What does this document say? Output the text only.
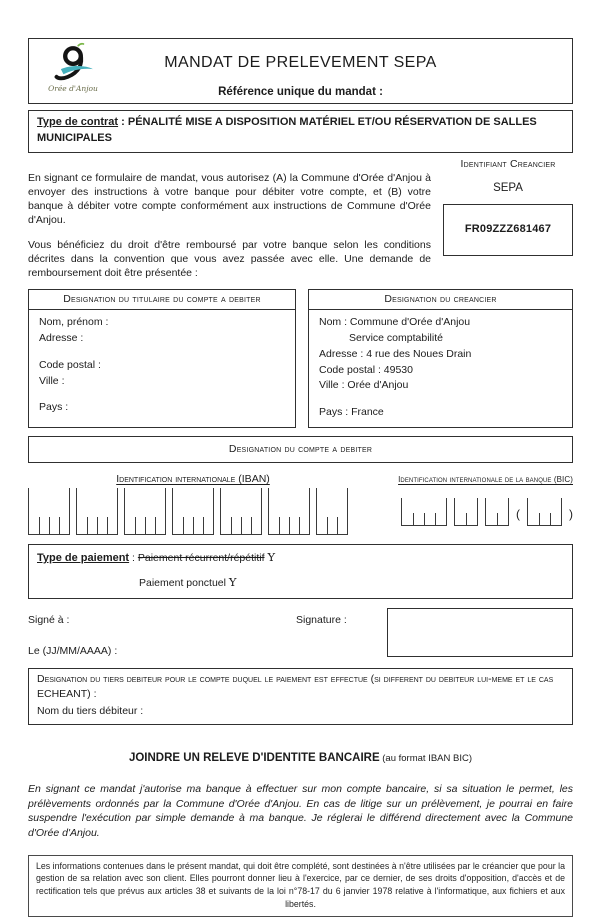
Orée d'Anjou
MANDAT DE PRELEVEMENT SEPA
Référence unique du mandat :
Type de contrat : PÉNALITÉ MISE A DISPOSITION MATÉRIEL ET/OU RÉSERVATION DE SALLES MUNICIPALES

En signant ce formulaire de mandat, vous autorisez (A) la Commune d'Orée d'Anjou à envoyer des instructions à votre banque pour débiter votre compte, et (B) votre banque à débiter votre compte conformément aux instructions de Commune d'Orée d'Anjou.

Vous bénéficiez du droit d'être remboursé par votre banque selon les conditions décrites dans la convention que vous avez passée avec elle. Une demande de remboursement doit être présentée :

Identifiant Creancier
SEPA
FR09ZZZ681467
Designation du titulaire du compte a debiter
Nom, prénom :
Adresse :
Code postal :
Ville :
Pays :
Designation du creancier
Nom : Commune d'Orée d'Anjou
Service comptabilité
Adresse : 4 rue des Noues Drain
Code postal : 49530
Ville : Orée d'Anjou
Pays : France
Designation du compte a debiter
Identification internationale (IBAN)	Identification internationale de la banque (BIC)
(	)
Type de paiement : Paiement récurrent/répétitif Y
Paiement ponctuel Y
Signé à :
Le (JJ/MM/AAAA) :
Signature :
Designation du tiers debiteur pour le compte duquel le paiement est effectue (si different du debiteur lui-meme et le cas ECHEANT) :
Nom du tiers débiteur :
JOINDRE UN RELEVE D'IDENTITE BANCAIRE (au format IBAN BIC)

En signant ce mandat j'autorise ma banque à effectuer sur mon compte bancaire, si sa situation le permet, les prélèvements ordonnés par la Commune d'Orée d'Anjou. En cas de litige sur un prélèvement, je pourrai en faire suspendre l'exécution par simple demande à ma banque. Je réglerai le différend directement avec la Commune d'Orée d'Anjou.

Les informations contenues dans le présent mandat, qui doit être complété, sont destinées à n'être utilisées par le créancier que pour la gestion de sa relation avec son client. Elles pourront donner lieu à l'exercice, par ce dernier, de ses droits d'opposition, d'accès et de rectification tels que prévus aux articles 38 et suivants de la loi n°78-17 du 6 janvier 1978 relative à l'informatique, aux fichiers et aux libertés.
